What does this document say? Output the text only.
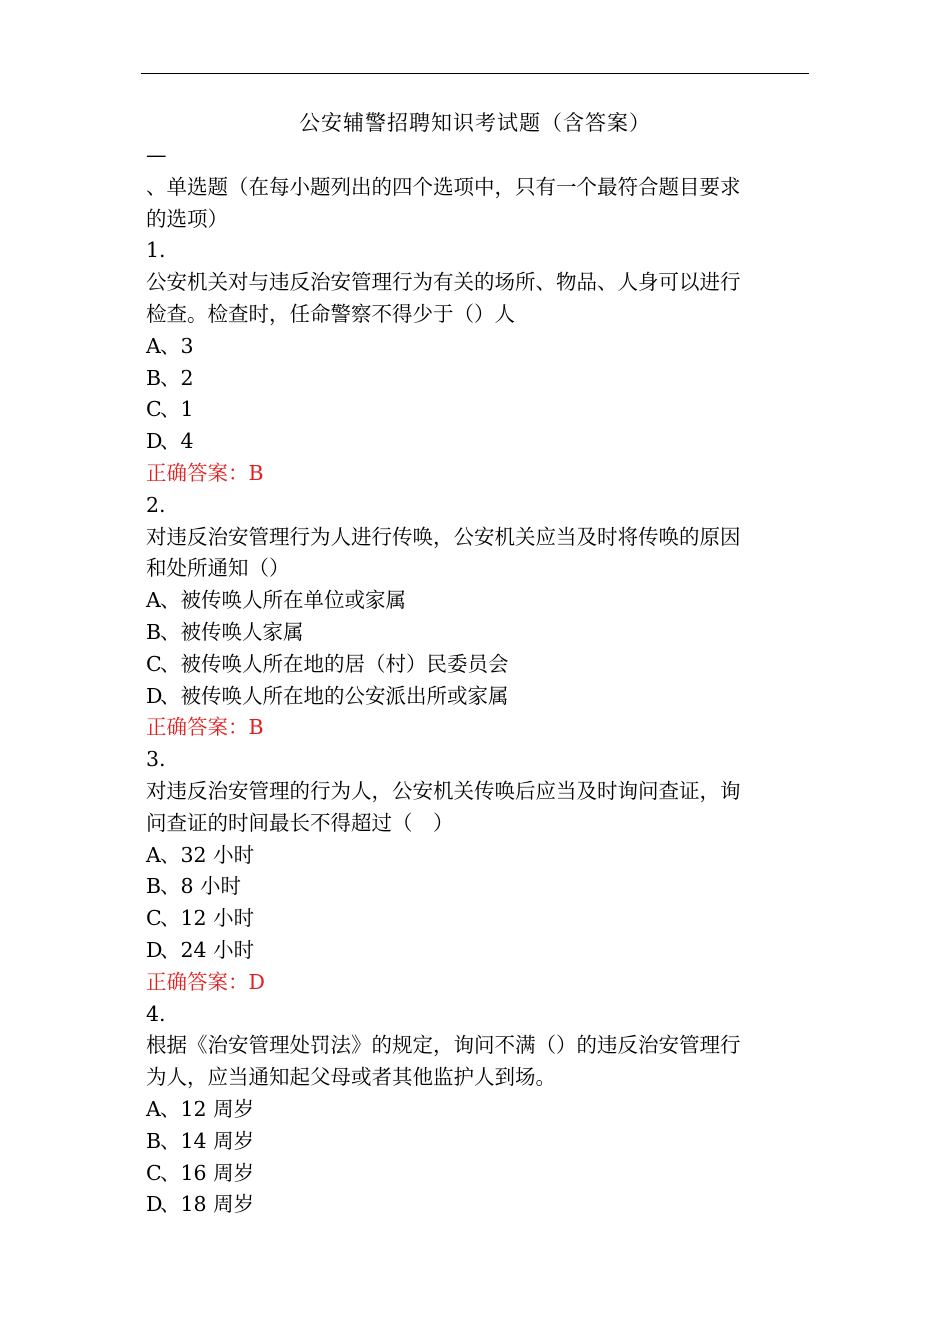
公安辅警招聘知识考试题（含答案）
—
、单选题（在每小题列出的四个选项中，只有一个最符合题目要求
的选项）
1.
公安机关对与违反治安管理行为有关的场所、物品、人身可以进行
检查。检查时，任命警察不得少于（）人
A、3
B、2
C、1
D、4
正确答案：B
2.
对违反治安管理行为人进行传唤，公安机关应当及时将传唤的原因
和处所通知（）
A、被传唤人所在单位或家属
B、被传唤人家属
C、被传唤人所在地的居（村）民委员会
D、被传唤人所在地的公安派出所或家属
正确答案：B
3.
对违反治安管理的行为人，公安机关传唤后应当及时询问查证，询
问查证的时间最长不得超过（　）
A、32 小时
B、8 小时
C、12 小时
D、24 小时
正确答案：D
4.
根据《治安管理处罚法》的规定，询问不满（）的违反治安管理行
为人，应当通知起父母或者其他监护人到场。
A、12 周岁
B、14 周岁
C、16 周岁
D、18 周岁
